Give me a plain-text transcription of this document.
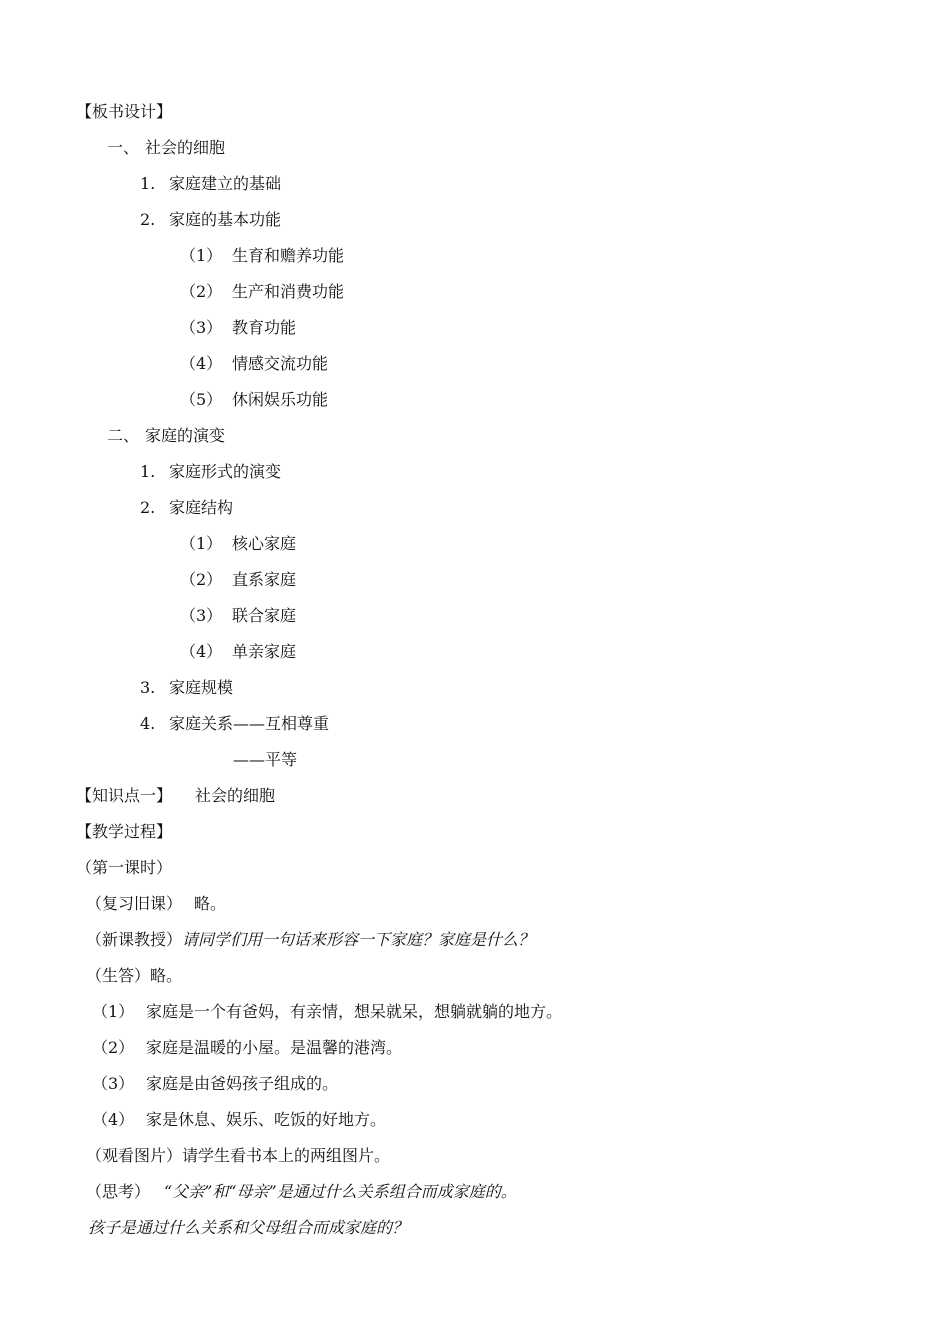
【板书设计】
一、 社会的细胞
1. 家庭建立的基础
2. 家庭的基本功能
（1） 生育和赡养功能
（2） 生产和消费功能
（3） 教育功能
（4） 情感交流功能
（5） 休闲娱乐功能
二、 家庭的演变
1. 家庭形式的演变
2. 家庭结构
（1） 核心家庭
（2） 直系家庭
（3） 联合家庭
（4） 单亲家庭
3. 家庭规模
4. 家庭关系——互相尊重
——平等
【知识点一】 社会的细胞
【教学过程】
（第一课时）
（复习旧课） 略。
（新课教授）请同学们用一句话来形容一下家庭？家庭是什么？
（生答）略。
（1） 家庭是一个有爸妈，有亲情，想呆就呆，想躺就躺的地方。
（2） 家庭是温暖的小屋。是温馨的港湾。
（3） 家庭是由爸妈孩子组成的。
（4） 家是休息、娱乐、吃饭的好地方。
（观看图片）请学生看书本上的两组图片。
（思考） “父亲”和“母亲”是通过什么关系组合而成家庭的。
孩子是通过什么关系和父母组合而成家庭的？
